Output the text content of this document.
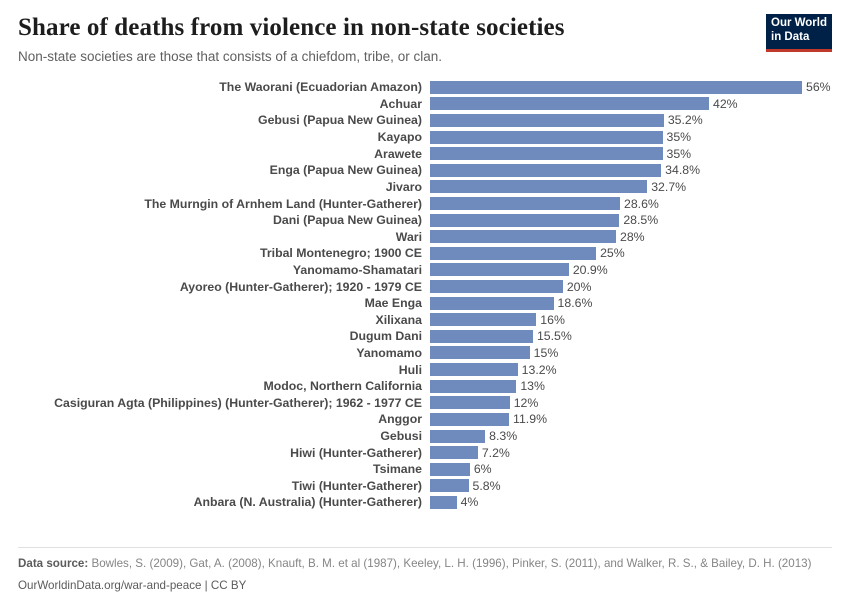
Share of deaths from violence in non-state societies

Non-state societies are those that consists of a chiefdom, tribe, or clan.

Our World
in Data
The Waorani (Ecuadorian Amazon)	56%
Achuar	42%
Gebusi (Papua New Guinea)	35.2%
Kayapo	35%
Arawete	35%
Enga (Papua New Guinea)	34.8%
Jivaro	32.7%
The Murngin of Arnhem Land (Hunter-Gatherer)	28.6%
Dani (Papua New Guinea)	28.5%
Wari	28%
Tribal Montenegro; 1900 CE	25%
Yanomamo-Shamatari	20.9%
Ayoreo (Hunter-Gatherer); 1920 - 1979 CE	20%
Mae Enga	18.6%
Xilixana	16%
Dugum Dani	15.5%
Yanomamo	15%
Huli	13.2%
Modoc, Northern California	13%
Casiguran Agta (Philippines) (Hunter-Gatherer); 1962 - 1977 CE	12%
Anggor	11.9%
Gebusi	8.3%
Hiwi (Hunter-Gatherer)	7.2%
Tsimane	6%
Tiwi (Hunter-Gatherer)	5.8%
Anbara (N. Australia) (Hunter-Gatherer)	4%

Data source: Bowles, S. (2009), Gat, A. (2008), Knauft, B. M. et al (1987), Keeley, L. H. (1996), Pinker, S. (2011), and Walker, R. S., & Bailey, D. H. (2013)

OurWorldinData.org/war-and-peace | CC BY
